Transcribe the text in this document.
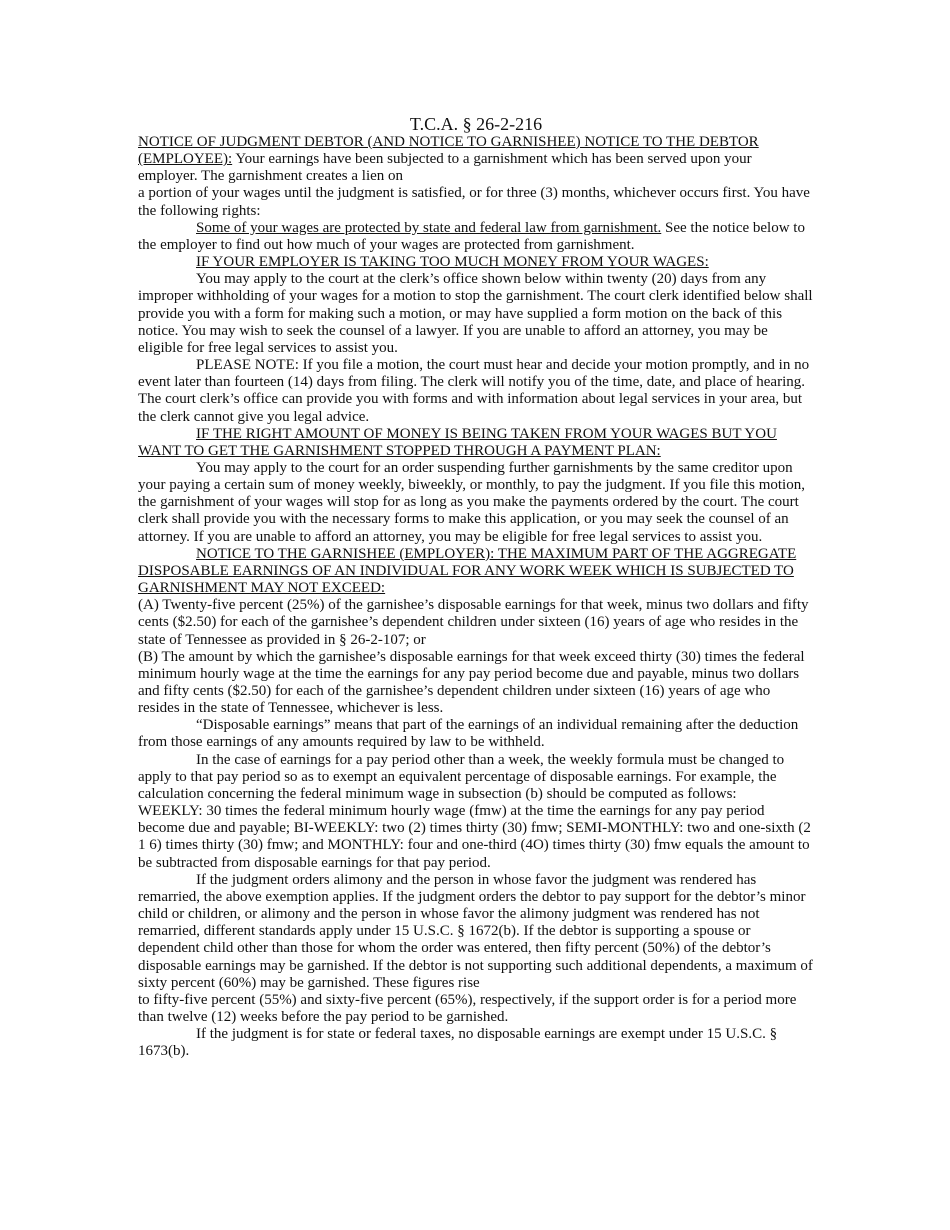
T.C.A. § 26-2-216

NOTICE OF JUDGMENT DEBTOR (AND NOTICE TO GARNISHEE) NOTICE TO THE DEBTOR (EMPLOYEE): Your earnings have been subjected to a garnishment which has been served upon your employer. The garnishment creates a lien on

a portion of your wages until the judgment is satisfied, or for three (3) months, whichever occurs first. You have the following rights:

Some of your wages are protected by state and federal law from garnishment. See the notice below to the employer to find out how much of your wages are protected from garnishment.

IF YOUR EMPLOYER IS TAKING TOO MUCH MONEY FROM YOUR WAGES:

You may apply to the court at the clerk’s office shown below within twenty (20) days from any improper withholding of your wages for a motion to stop the garnishment. The court clerk identified below shall provide you with a form for making such a motion, or may have supplied a form motion on the back of this notice. You may wish to seek the counsel of a lawyer. If you are unable to afford an attorney, you may be eligible for free legal services to assist you.

PLEASE NOTE: If you file a motion, the court must hear and decide your motion promptly, and in no event later than fourteen (14) days from filing. The clerk will notify you of the time, date, and place of hearing. The court clerk’s office can provide you with forms and with information about legal services in your area, but the clerk cannot give you legal advice.

IF THE RIGHT AMOUNT OF MONEY IS BEING TAKEN FROM YOUR WAGES BUT YOU WANT TO GET THE GARNISHMENT STOPPED THROUGH A PAYMENT PLAN:

You may apply to the court for an order suspending further garnishments by the same creditor upon your paying a certain sum of money weekly, biweekly, or monthly, to pay the judgment. If you file this motion, the garnishment of your wages will stop for as long as you make the payments ordered by the court. The court clerk shall provide you with the necessary forms to make this application, or you may seek the counsel of an attorney. If you are unable to afford an attorney, you may be eligible for free legal services to assist you.

NOTICE TO THE GARNISHEE (EMPLOYER): THE MAXIMUM PART OF THE AGGREGATE DISPOSABLE EARNINGS OF AN INDIVIDUAL FOR ANY WORK WEEK WHICH IS SUBJECTED TO GARNISHMENT MAY NOT EXCEED:

(A) Twenty-five percent (25%) of the garnishee’s disposable earnings for that week, minus two dollars and fifty cents ($2.50) for each of the garnishee’s dependent children under sixteen (16) years of age who resides in the state of Tennessee as provided in § 26-2-107; or

(B) The amount by which the garnishee’s disposable earnings for that week exceed thirty (30) times the federal minimum hourly wage at the time the earnings for any pay period become due and payable, minus two dollars and fifty cents ($2.50) for each of the garnishee’s dependent children under sixteen (16) years of age who resides in the state of Tennessee, whichever is less.

“Disposable earnings” means that part of the earnings of an individual remaining after the deduction from those earnings of any amounts required by law to be withheld.

In the case of earnings for a pay period other than a week, the weekly formula must be changed to apply to that pay period so as to exempt an equivalent percentage of disposable earnings. For example, the calculation concerning the federal minimum wage in subsection (b) should be computed as follows:

WEEKLY: 30 times the federal minimum hourly wage (fmw) at the time the earnings for any pay period become due and payable; BI-WEEKLY: two (2) times thirty (30) fmw; SEMI-MONTHLY: two and one-sixth (2 1 6) times thirty (30) fmw; and MONTHLY: four and one-third (4O) times thirty (30) fmw equals the amount to be subtracted from disposable earnings for that pay period.

If the judgment orders alimony and the person in whose favor the judgment was rendered has remarried, the above exemption applies. If the judgment orders the debtor to pay support for the debtor’s minor child or children, or alimony and the person in whose favor the alimony judgment was rendered has not remarried, different standards apply under 15 U.S.C. § 1672(b). If the debtor is supporting a spouse or dependent child other than those for whom the order was entered, then fifty percent (50%) of the debtor’s disposable earnings may be garnished. If the debtor is not supporting such additional dependents, a maximum of sixty percent (60%) may be garnished. These figures rise

to fifty-five percent (55%) and sixty-five percent (65%), respectively, if the support order is for a period more than twelve (12) weeks before the pay period to be garnished.

If the judgment is for state or federal taxes, no disposable earnings are exempt under 15 U.S.C. § 1673(b).
